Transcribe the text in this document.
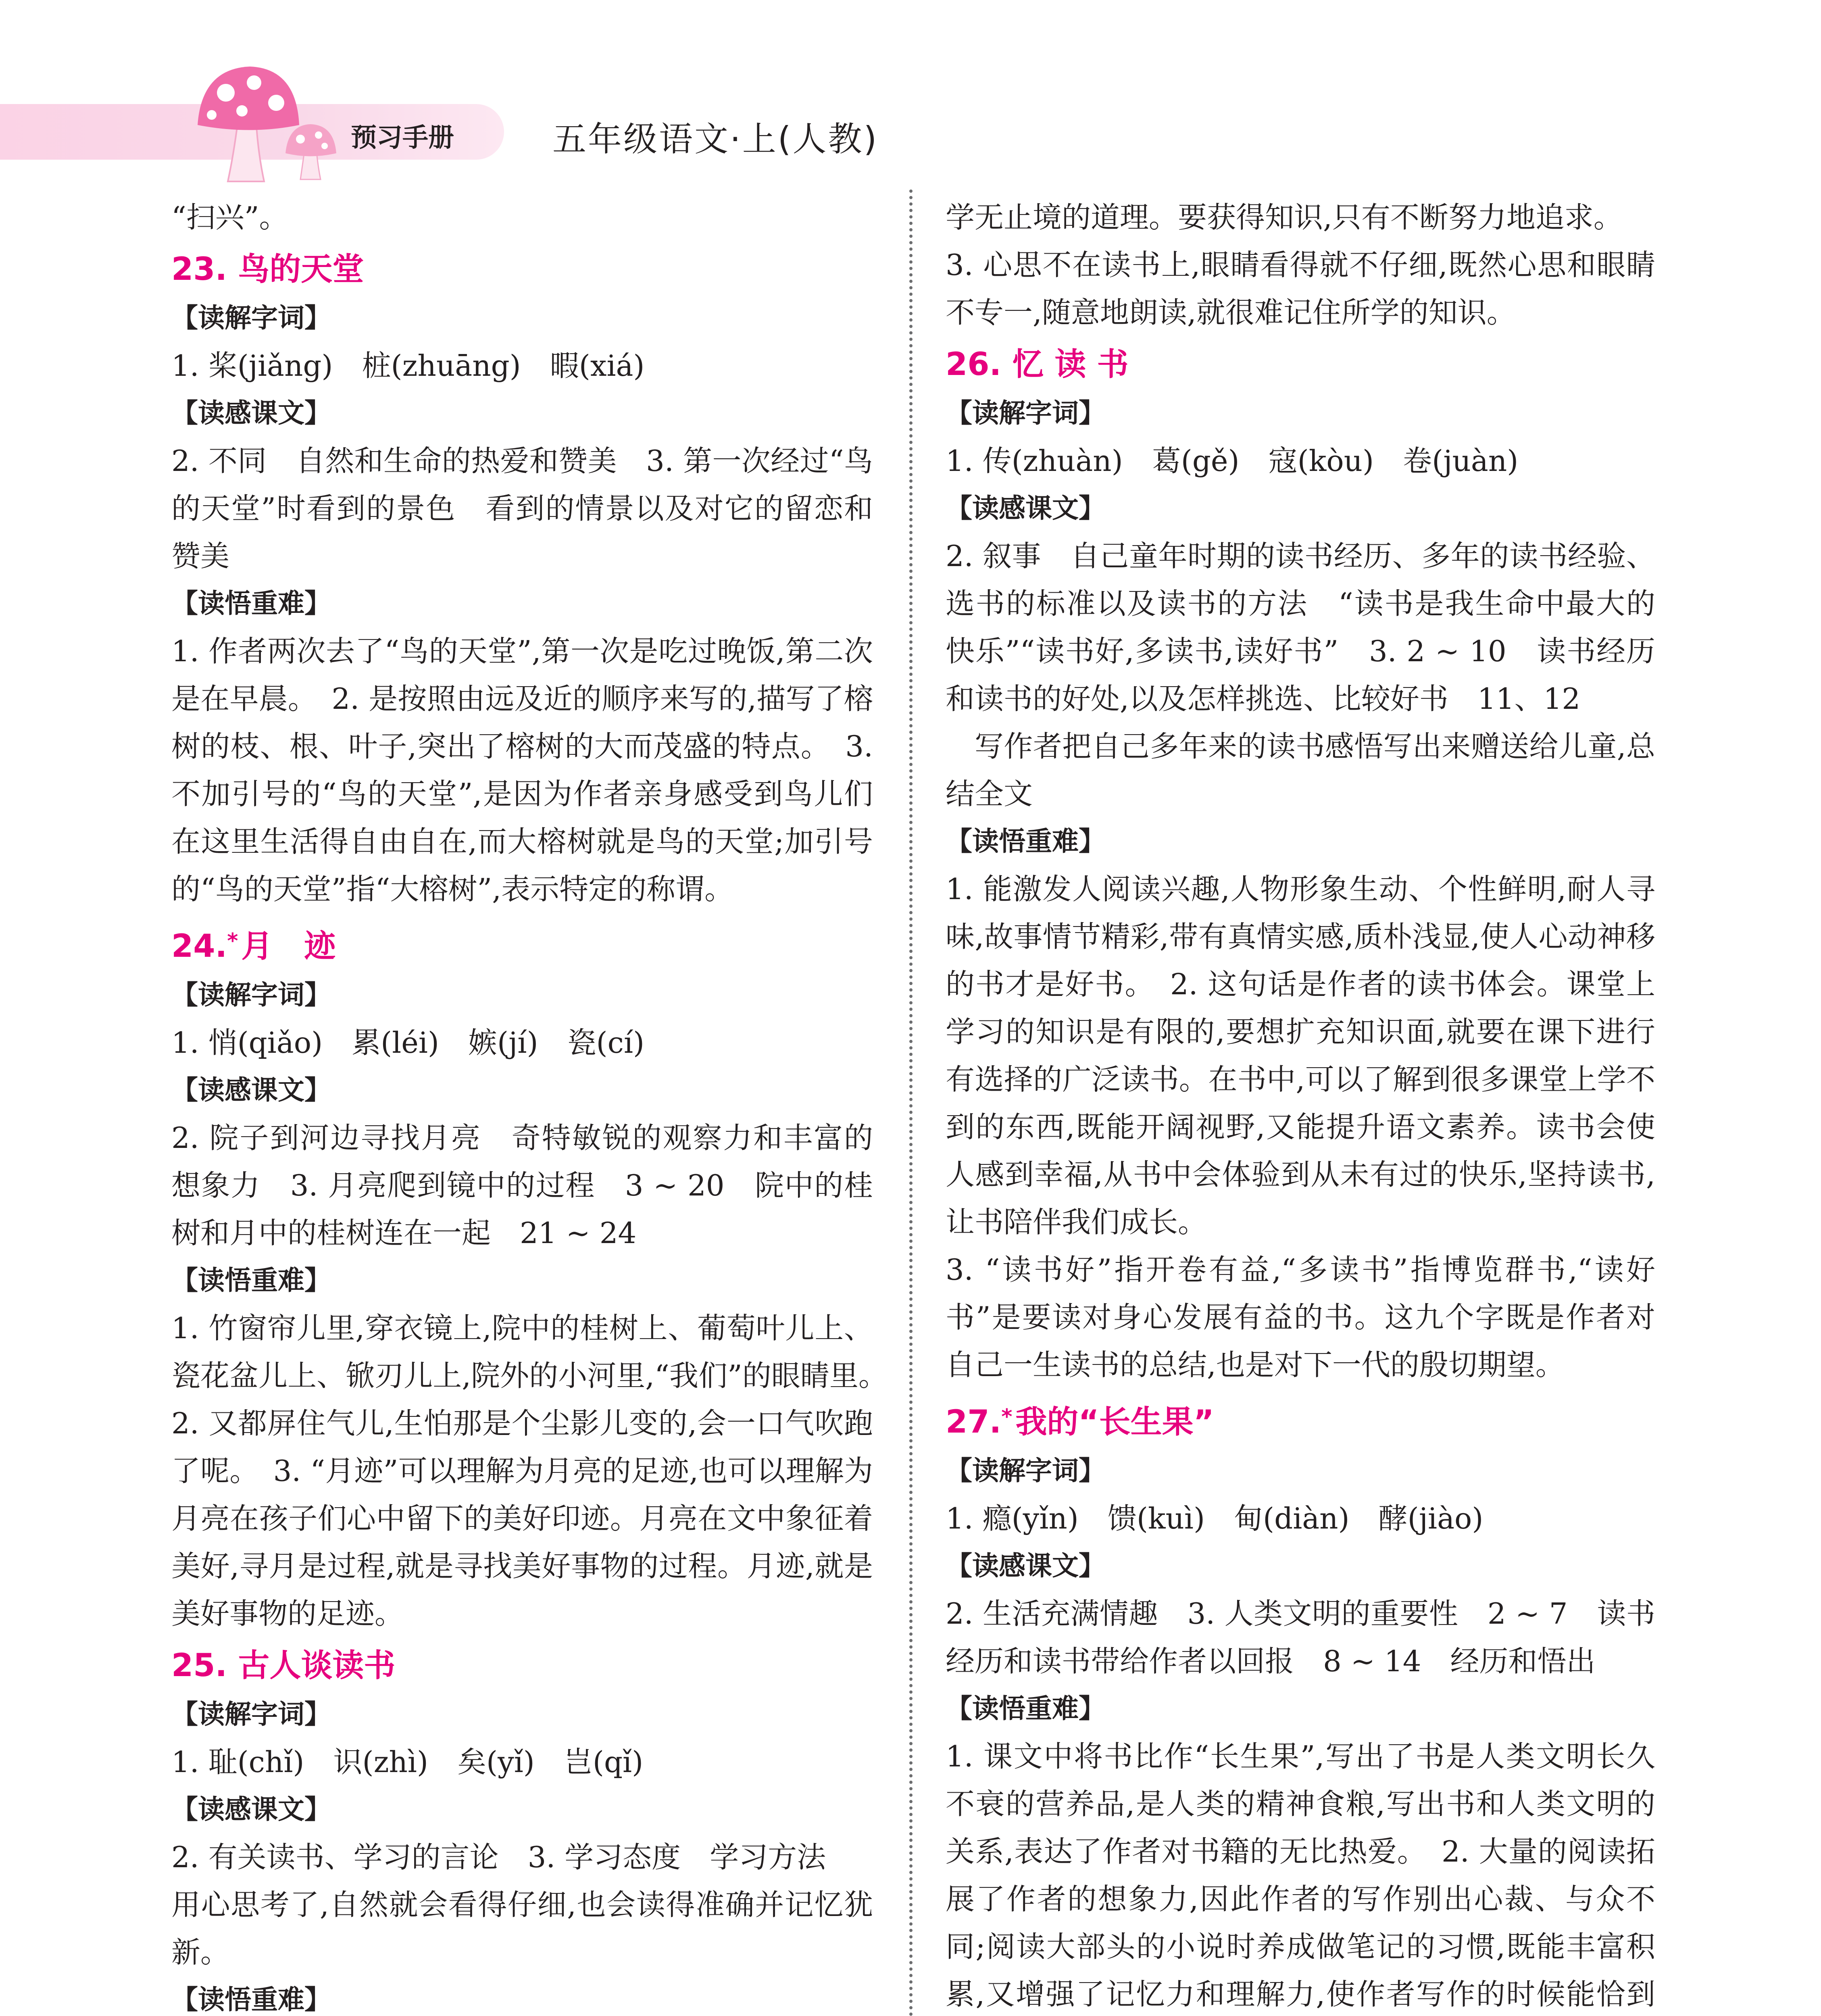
预习手册	五年级语文·上(人教)

“扫兴”。

23. 鸟的天堂

【读解字词】

1. 桨(jiǎng)　桩(zhuāng)　暇(xiá)

【读感课文】

2. 不同　自然和生命的热爱和赞美　3. 第一次经过“鸟的天堂”时看到的景色　看到的情景以及对它的留恋和赞美

【读悟重难】

1. 作者两次去了“鸟的天堂”,第一次是吃过晚饭,第二次是在早晨。　2. 是按照由远及近的顺序来写的,描写了榕树的枝、根、叶子,突出了榕树的大而茂盛的特点。　3. 不加引号的“鸟的天堂”,是因为作者亲身感受到鸟儿们在这里生活得自由自在,而大榕树就是鸟的天堂;加引号的“鸟的天堂”指“大榕树”,表示特定的称谓。

24.* 月　迹

【读解字词】

1. 悄(qiǎo)　累(léi)　嫉(jí)　瓷(cí)

【读感课文】

2. 院子到河边寻找月亮　奇特敏锐的观察力和丰富的想象力　3. 月亮爬到镜中的过程　3 ~ 20　院中的桂树和月中的桂树连在一起　21 ~ 24

【读悟重难】

1. 竹窗帘儿里,穿衣镜上,院中的桂树上、葡萄叶儿上、瓷花盆儿上、锨刃儿上,院外的小河里,“我们”的眼睛里。　2. 又都屏住气儿,生怕那是个尘影儿变的,会一口气吹跑了呢。　3. “月迹”可以理解为月亮的足迹,也可以理解为月亮在孩子们心中留下的美好印迹。月亮在文中象征着美好,寻月是过程,就是寻找美好事物的过程。月迹,就是美好事物的足迹。

25. 古人谈读书

【读解字词】

1. 耻(chǐ)　识(zhì)　矣(yǐ)　岂(qǐ)

【读感课文】

2. 有关读书、学习的言论　3. 学习态度　学习方法

用心思考了,自然就会看得仔细,也会读得准确并记忆犹新。

【读悟重难】

学无止境的道理。要获得知识,只有不断努力地追求。

3. 心思不在读书上,眼睛看得就不仔细,既然心思和眼睛不专一,随意地朗读,就很难记住所学的知识。

26. 忆 读 书

【读解字词】

1. 传(zhuàn)　葛(gě)　寇(kòu)　卷(juàn)

【读感课文】

2. 叙事　自己童年时期的读书经历、多年的读书经验、选书的标准以及读书的方法　“读书是我生命中最大的快乐”“读书好,多读书,读好书”　3. 2 ~ 10　读书经历和读书的好处,以及怎样挑选、比较好书　11、12

写作者把自己多年来的读书感悟写出来赠送给儿童,总结全文

【读悟重难】

1. 能激发人阅读兴趣,人物形象生动、个性鲜明,耐人寻味,故事情节精彩,带有真情实感,质朴浅显,使人心动神移的书才是好书。　2. 这句话是作者的读书体会。课堂上学习的知识是有限的,要想扩充知识面,就要在课下进行有选择的广泛读书。在书中,可以了解到很多课堂上学不到的东西,既能开阔视野,又能提升语文素养。读书会使人感到幸福,从书中会体验到从未有过的快乐,坚持读书,让书陪伴我们成长。

3. “读书好”指开卷有益,“多读书”指博览群书,“读好书”是要读对身心发展有益的书。这九个字既是作者对自己一生读书的总结,也是对下一代的殷切期望。

27.* 我的“长生果”

【读解字词】

1. 瘾(yǐn)　馈(kuì)　甸(diàn)　酵(jiào)

【读感课文】

2. 生活充满情趣　3. 人类文明的重要性　2 ~ 7　读书经历和读书带给作者以回报　8 ~ 14　经历和悟出

【读悟重难】

1. 课文中将书比作“长生果”,写出了书是人类文明长久不衰的营养品,是人类的精神食粮,写出书和人类文明的关系,表达了作者对书籍的无比热爱。　2. 大量的阅读拓展了作者的想象力,因此作者的写作别出心裁、与众不同;阅读大部头的小说时养成做笔记的习惯,既能丰富积累,又增强了记忆力和理解力,使作者写作的时候能恰到
